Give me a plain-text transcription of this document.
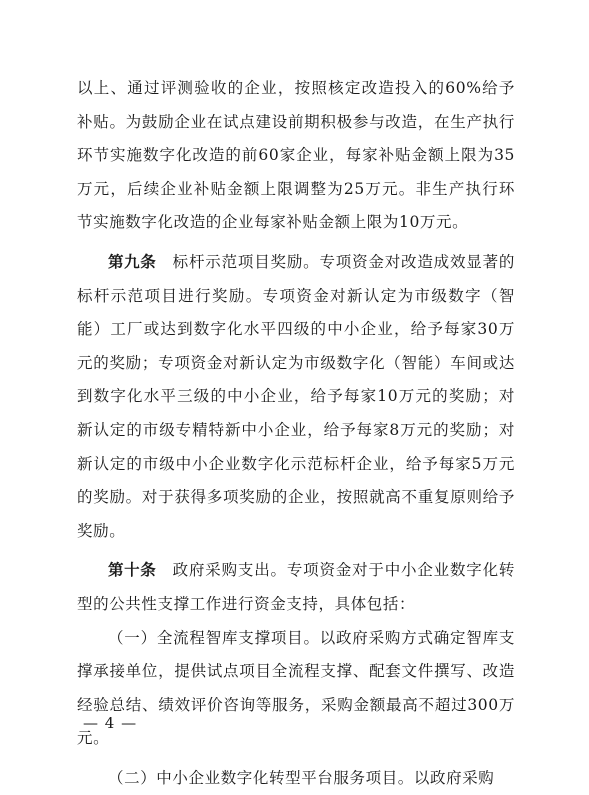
以上、通过评测验收的企业，按照核定改造投入的60%给予补贴。为鼓励企业在试点建设前期积极参与改造，在生产执行环节实施数字化改造的前60家企业，每家补贴金额上限为35万元，后续企业补贴金额上限调整为25万元。非生产执行环节实施数字化改造的企业每家补贴金额上限为10万元。

第九条　标杆示范项目奖励。专项资金对改造成效显著的标杆示范项目进行奖励。专项资金对新认定为市级数字（智能）工厂或达到数字化水平四级的中小企业，给予每家30万元的奖励；专项资金对新认定为市级数字化（智能）车间或达到数字化水平三级的中小企业，给予每家10万元的奖励；对新认定的市级专精特新中小企业，给予每家8万元的奖励；对新认定的市级中小企业数字化示范标杆企业，给予每家5万元的奖励。对于获得多项奖励的企业，按照就高不重复原则给予奖励。

第十条　政府采购支出。专项资金对于中小企业数字化转型的公共性支撑工作进行资金支持，具体包括：

（一）全流程智库支撑项目。以政府采购方式确定智库支撑承接单位，提供试点项目全流程支撑、配套文件撰写、改造经验总结、绩效评价咨询等服务，采购金额最高不超过300万元。

（二）中小企业数字化转型平台服务项目。以政府采购

— 4 —
